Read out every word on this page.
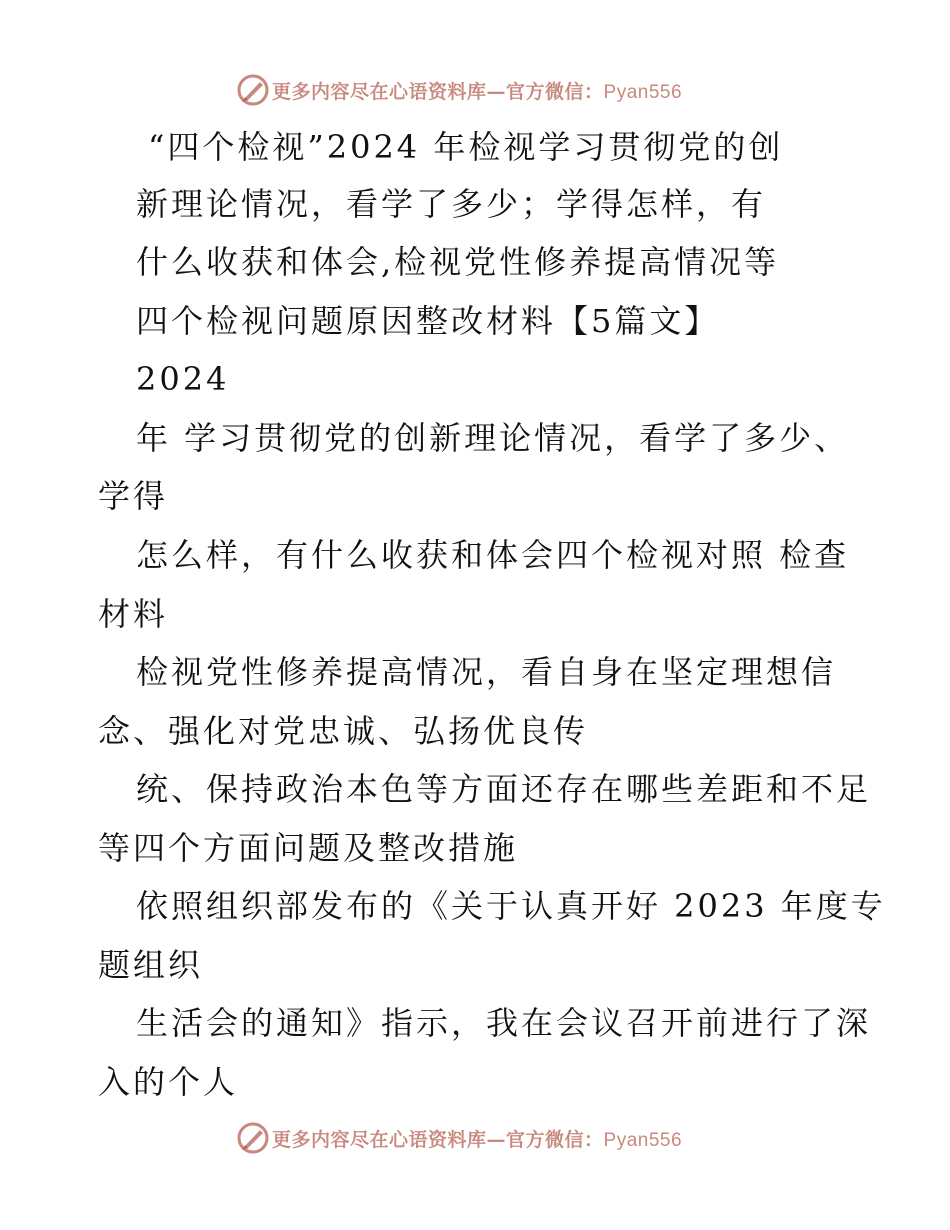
更多内容尽在心语资料库—官方微信：Pyan556
“四个检视”2024 年检视学习贯彻党的创
新理论情况，看学了多少；学得怎样，有
什么收获和体会,检视党性修养提高情况等
四个检视问题原因整改材料【5篇文】
2024
年 学习贯彻党的创新理论情况，看学了多少、
学得
怎么样，有什么收获和体会四个检视对照 检查
材料
检视党性修养提高情况，看自身在坚定理想信
念、强化对党忠诚、弘扬优良传
统、保持政治本色等方面还存在哪些差距和不足
等四个方面问题及整改措施
依照组织部发布的《关于认真开好 2023 年度专
题组织
生活会的通知》指示，我在会议召开前进行了深
入的个人
更多内容尽在心语资料库—官方微信：Pyan556
